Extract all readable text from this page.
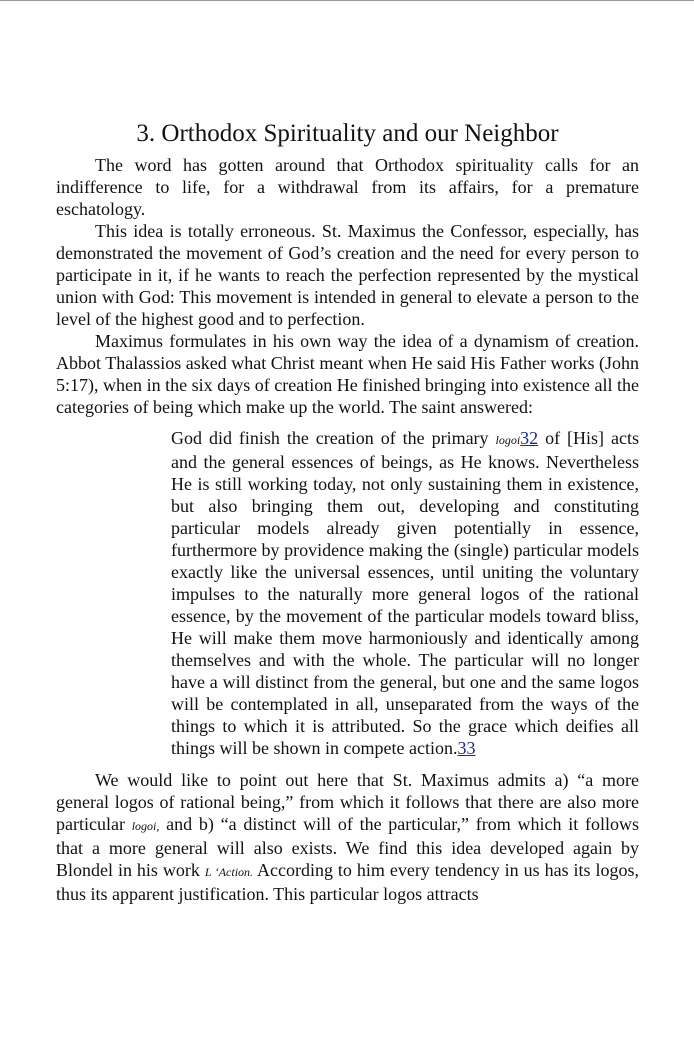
3. Orthodox Spirituality and our Neighbor

The word has gotten around that Orthodox spirituality calls for an indifference to life, for a withdrawal from its affairs, for a premature eschatology.

This idea is totally erroneous. St. Maximus the Confessor, especially, has demonstrated the movement of God’s creation and the need for every person to participate in it, if he wants to reach the perfection represented by the mystical union with God: This movement is intended in general to elevate a person to the level of the highest good and to perfection.

Maximus formulates in his own way the idea of a dynamism of creation. Abbot Thalassios asked what Christ meant when He said His Father works (John 5:17), when in the six days of creation He finished bringing into existence all the categories of being which make up the world. The saint answered:

God did finish the creation of the primary logoi32 of [His] acts and the general essences of beings, as He knows. Nevertheless He is still working today, not only sustaining them in existence, but also bringing them out, developing and constituting particular models already given potentially in essence, furthermore by providence making the (single) particular models exactly like the universal essences, until uniting the voluntary impulses to the naturally more general logos of the rational essence, by the movement of the particular models toward bliss, He will make them move harmoniously and identically among themselves and with the whole. The particular will no longer have a will distinct from the general, but one and the same logos will be contemplated in all, unseparated from the ways of the things to which it is attributed. So the grace which deifies all things will be shown in compete action.33

We would like to point out here that St. Maximus admits a) “a more general logos of rational being,” from which it follows that there are also more particular logoi, and b) “a distinct will of the particular,” from which it follows that a more general will also exists. We find this idea developed again by Blondel in his work L ‘Action. According to him every tendency in us has its logos, thus its apparent justification. This particular logos attracts
